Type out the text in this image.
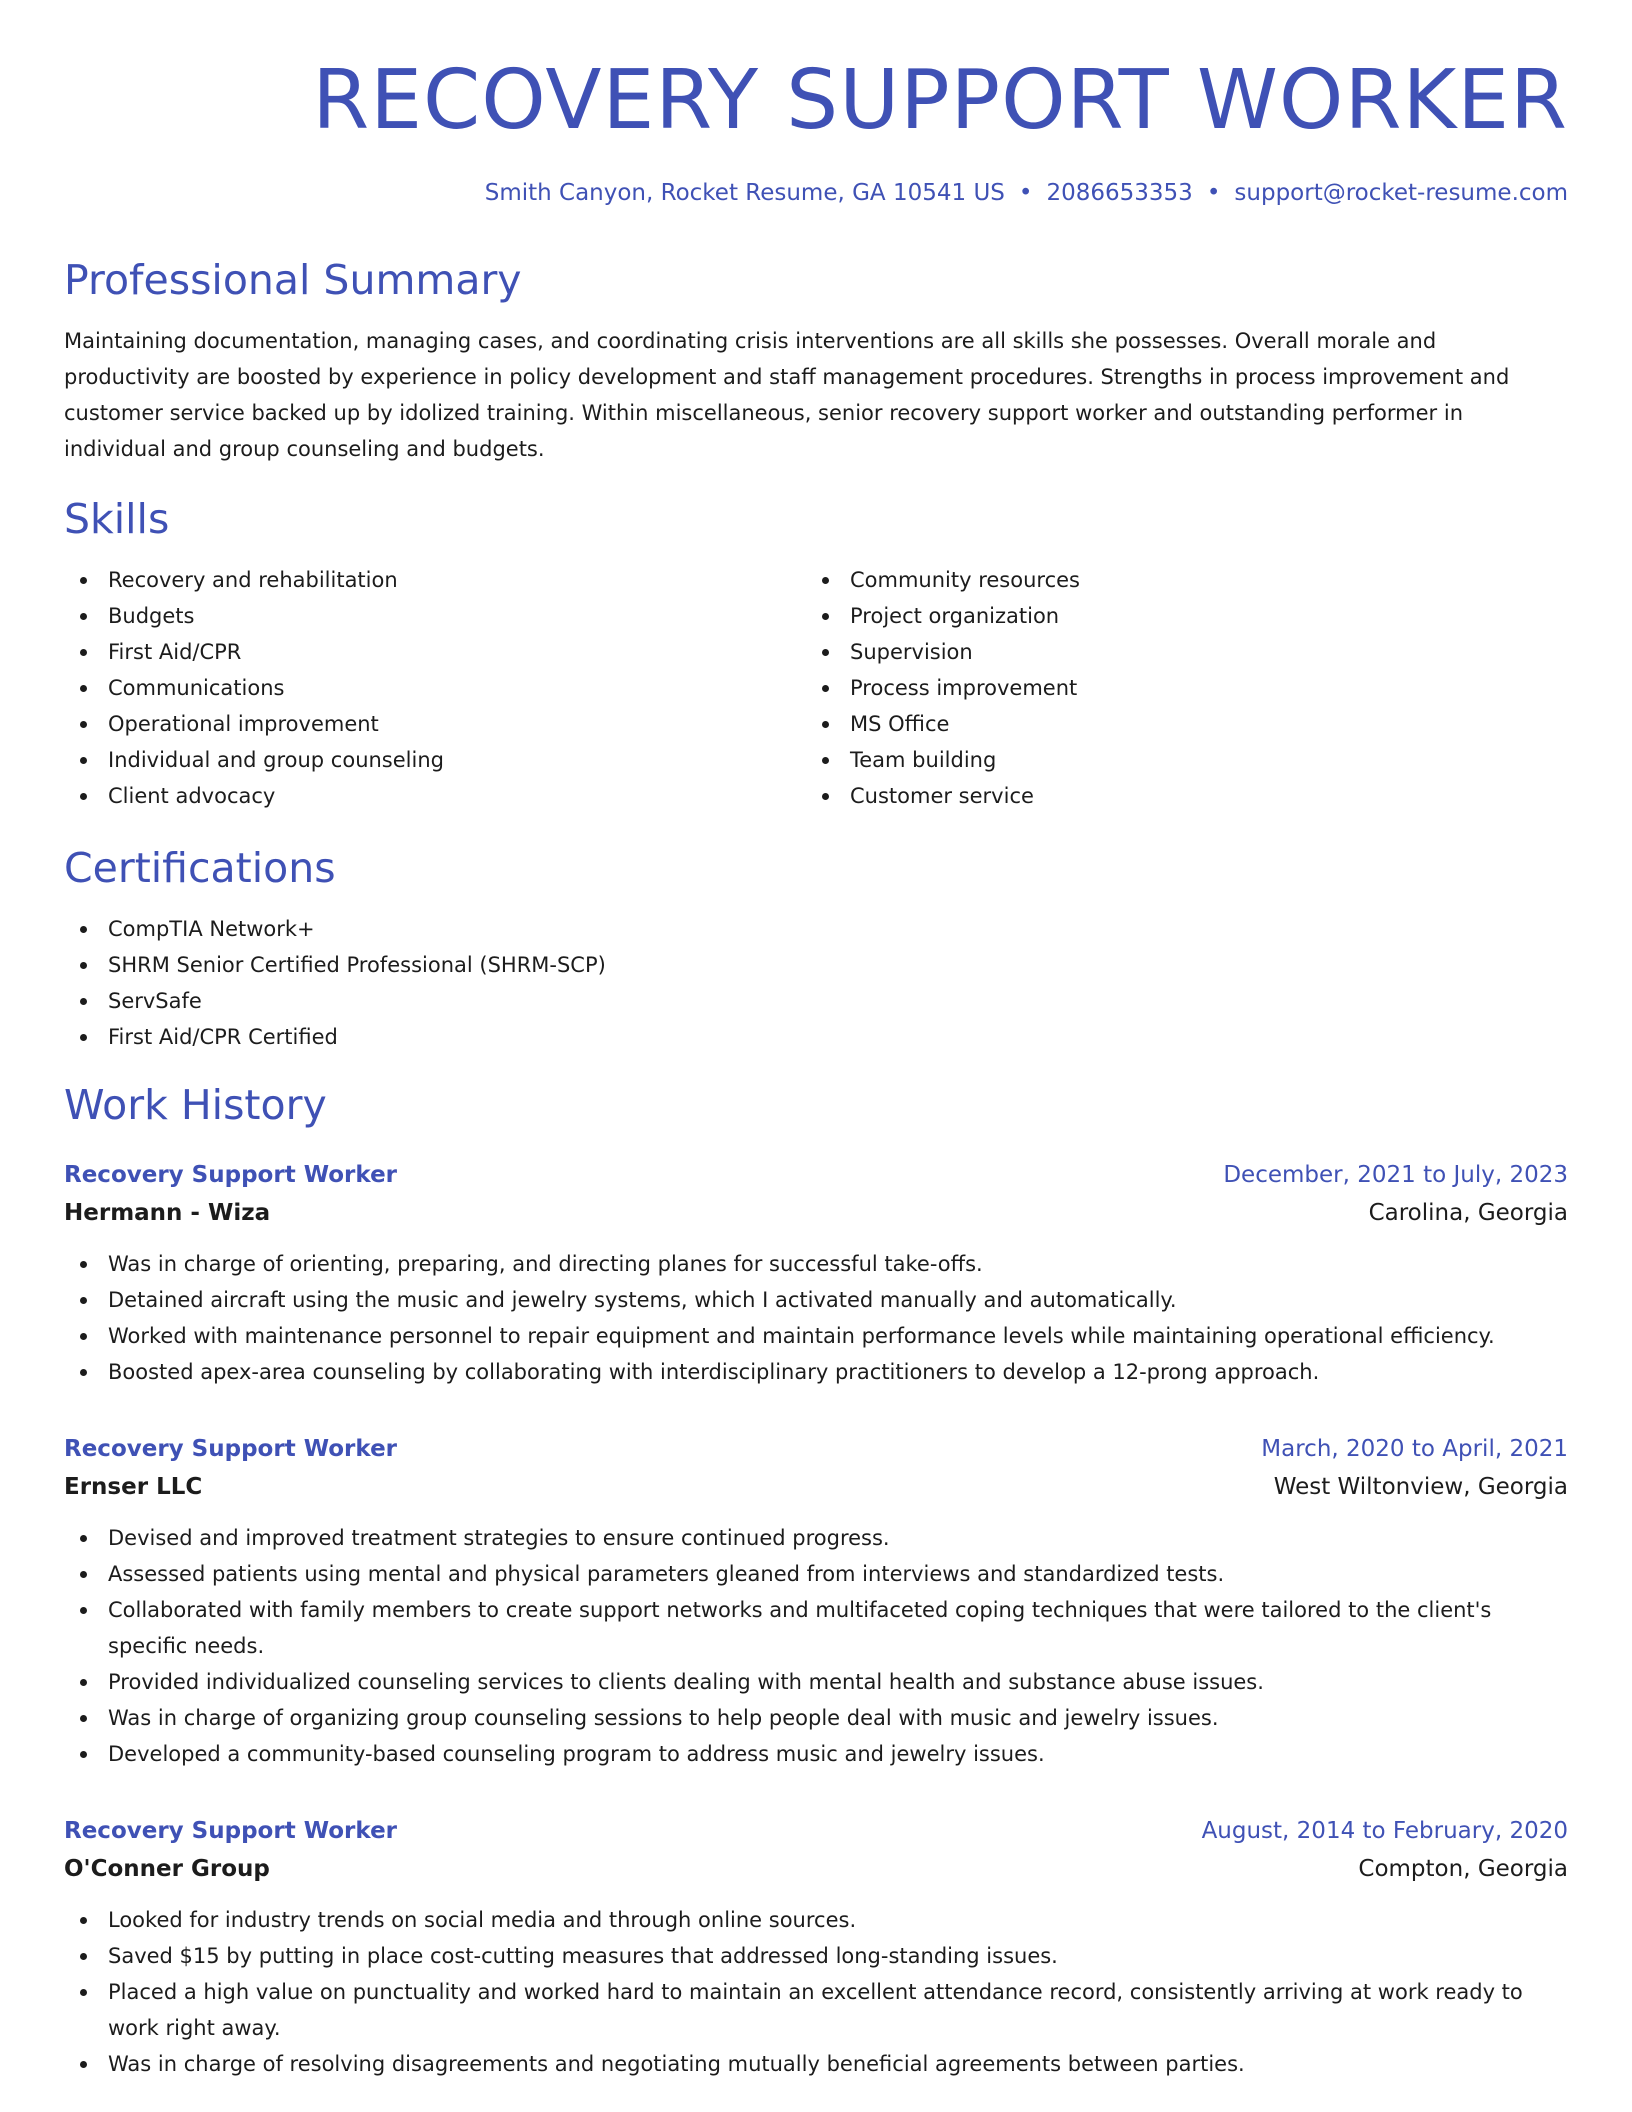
RECOVERY SUPPORT WORKER
Smith Canyon, Rocket Resume, GA 10541 US • 2086653353 • support@rocket-resume.com
Professional Summary

Maintaining documentation, managing cases, and coordinating crisis interventions are all skills she possesses. Overall morale and productivity are boosted by experience in policy development and staff management procedures. Strengths in process improvement and customer service backed up by idolized training. Within miscellaneous, senior recovery support worker and outstanding performer in individual and group counseling and budgets.

Skills
Recovery and rehabilitation
Budgets
First Aid/CPR
Communications
Operational improvement
Individual and group counseling
Client advocacy
Community resources
Project organization
Supervision
Process improvement
MS Office
Team building
Customer service
Certifications
CompTIA Network+
SHRM Senior Certified Professional (SHRM-SCP)
ServSafe
First Aid/CPR Certified
Work History
Recovery Support Worker	December, 2021 to July, 2023
Hermann - Wiza	Carolina, Georgia
Was in charge of orienting, preparing, and directing planes for successful take-offs.
Detained aircraft using the music and jewelry systems, which I activated manually and automatically.
Worked with maintenance personnel to repair equipment and maintain performance levels while maintaining operational efficiency.
Boosted apex-area counseling by collaborating with interdisciplinary practitioners to develop a 12-prong approach.
Recovery Support Worker	March, 2020 to April, 2021
Ernser LLC	West Wiltonview, Georgia
Devised and improved treatment strategies to ensure continued progress.
Assessed patients using mental and physical parameters gleaned from interviews and standardized tests.
Collaborated with family members to create support networks and multifaceted coping techniques that were tailored to the client's specific needs.
Provided individualized counseling services to clients dealing with mental health and substance abuse issues.
Was in charge of organizing group counseling sessions to help people deal with music and jewelry issues.
Developed a community-based counseling program to address music and jewelry issues.
Recovery Support Worker	August, 2014 to February, 2020
O'Conner Group	Compton, Georgia
Looked for industry trends on social media and through online sources.
Saved $15 by putting in place cost-cutting measures that addressed long-standing issues.
Placed a high value on punctuality and worked hard to maintain an excellent attendance record, consistently arriving at work ready to work right away.
Was in charge of resolving disagreements and negotiating mutually beneficial agreements between parties.
